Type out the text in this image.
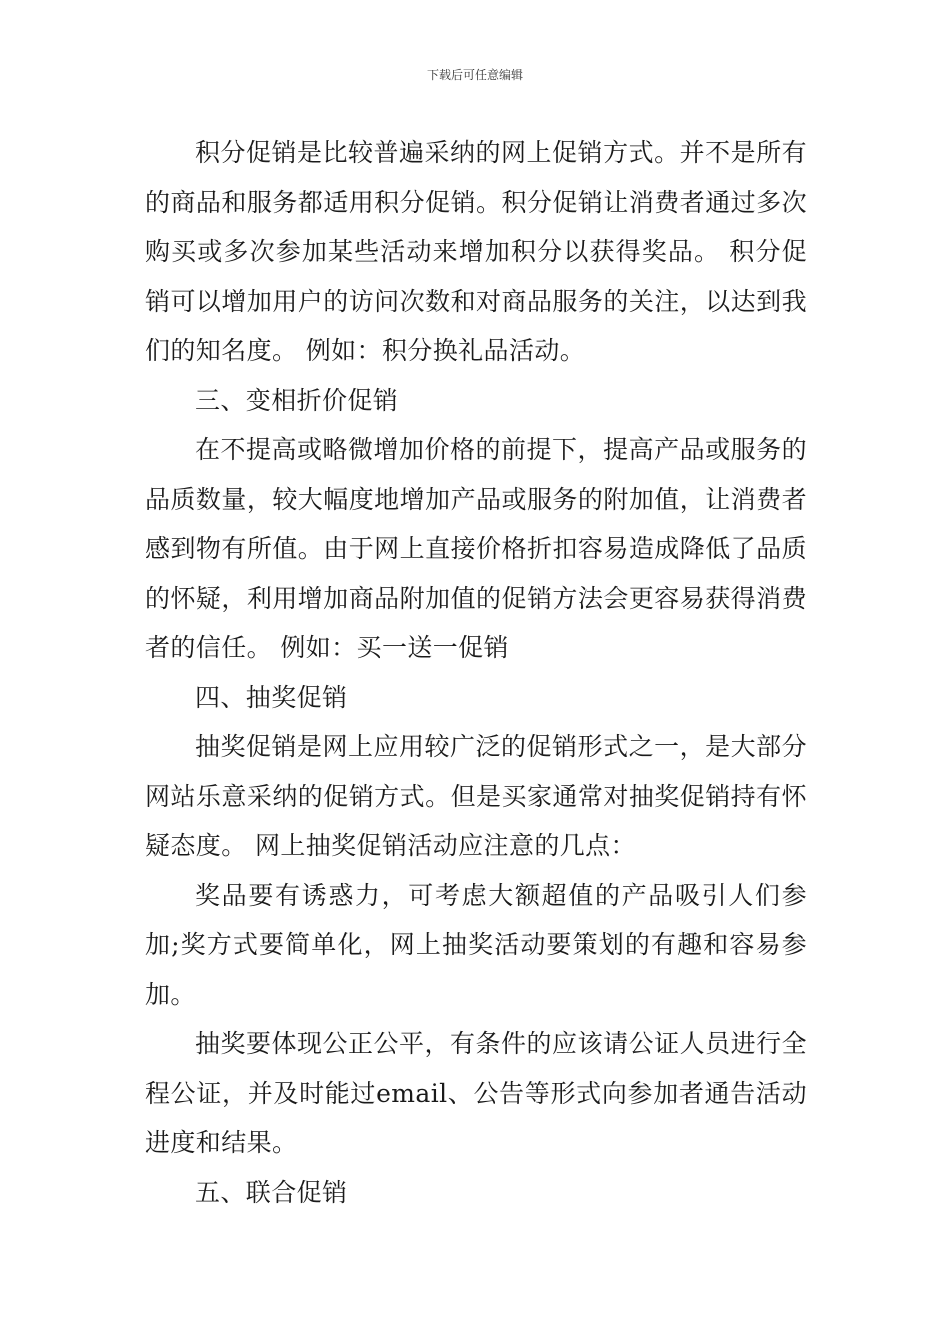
下载后可任意编辑

积分促销是比较普遍采纳的网上促销方式。并不是所有的商品和服务都适用积分促销。积分促销让消费者通过多次购买或多次参加某些活动来增加积分以获得奖品。 积分促销可以增加用户的访问次数和对商品服务的关注，以达到我们的知名度。 例如：积分换礼品活动。

三、变相折价促销

在不提高或略微增加价格的前提下，提高产品或服务的品质数量，较大幅度地增加产品或服务的附加值，让消费者感到物有所值。由于网上直接价格折扣容易造成降低了品质的怀疑，利用增加商品附加值的促销方法会更容易获得消费者的信任。 例如：买一送一促销

四、抽奖促销

抽奖促销是网上应用较广泛的促销形式之一，是大部分网站乐意采纳的促销方式。但是买家通常对抽奖促销持有怀疑态度。 网上抽奖促销活动应注意的几点：

奖品要有诱惑力，可考虑大额超值的产品吸引人们参加;奖方式要简单化，网上抽奖活动要策划的有趣和容易参加。

抽奖要体现公正公平，有条件的应该请公证人员进行全程公证，并及时能过email、公告等形式向参加者通告活动进度和结果。

五、联合促销
